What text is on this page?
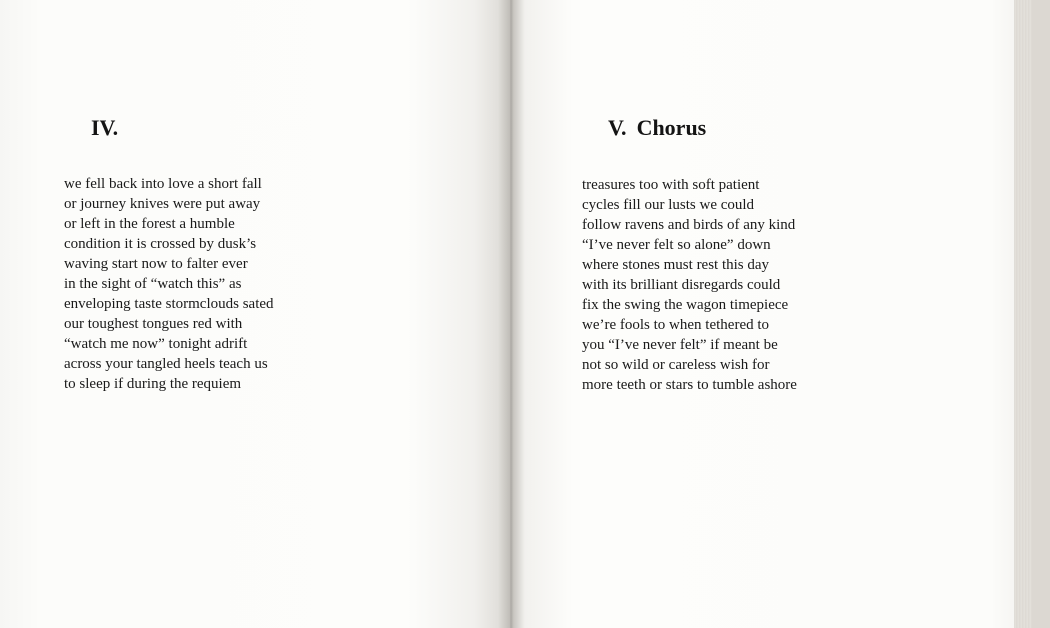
IV.
we fell back into love a short fall
or journey knives were put away
or left in the forest a humble
condition it is crossed by dusk’s
waving start now to falter ever
in the sight of “watch this” as
enveloping taste stormclouds sated
our toughest tongues red with
“watch me now” tonight adrift
across your tangled heels teach us
to sleep if during the requiem
V. Chorus
treasures too with soft patient
cycles fill our lusts we could
follow ravens and birds of any kind
“I’ve never felt so alone” down
where stones must rest this day
with its brilliant disregards could
fix the swing the wagon timepiece
we’re fools to when tethered to
you “I’ve never felt” if meant be
not so wild or careless wish for
more teeth or stars to tumble ashore
